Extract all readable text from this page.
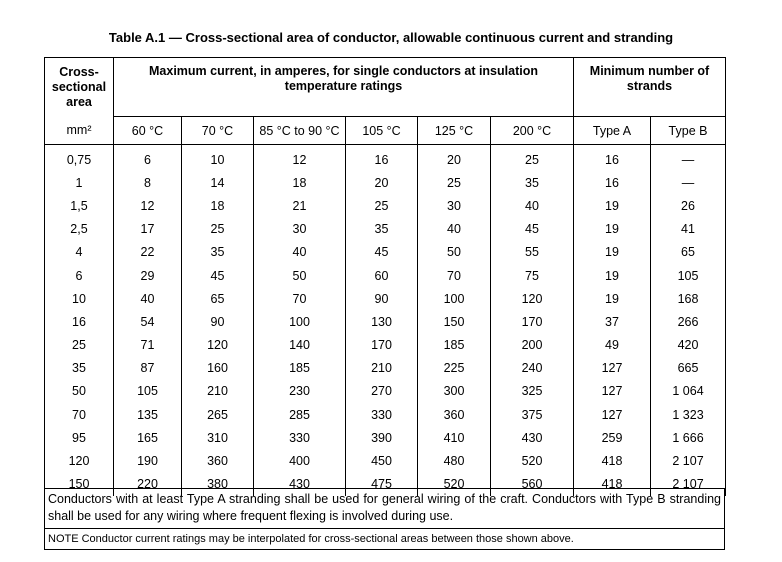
Table A.1 — Cross-sectional area of conductor, allowable continuous current and stranding
Cross-sectional area	Maximum current, in amperes, for single conductors at insulation temperature ratings						Minimum number of strands	
mm²	60 °C	70 °C	85 °C to 90 °C	105 °C	125 °C	200 °C	Type A	Type B
0,75	6	10	12	16	20	25	16	—
1	8	14	18	20	25	35	16	—
1,5	12	18	21	25	30	40	19	26
2,5	17	25	30	35	40	45	19	41
4	22	35	40	45	50	55	19	65
6	29	45	50	60	70	75	19	105
10	40	65	70	90	100	120	19	168
16	54	90	100	130	150	170	37	266
25	71	120	140	170	185	200	49	420
35	87	160	185	210	225	240	127	665
50	105	210	230	270	300	325	127	1 064
70	135	265	285	330	360	375	127	1 323
95	165	310	330	390	410	430	259	1 666
120	190	360	400	450	480	520	418	2 107
150	220	380	430	475	520	560	418	2 107
Conductors with at least Type A stranding shall be used for general wiring of the craft. Conductors with Type B stranding shall be used for any wiring where frequent flexing is involved during use.
NOTE Conductor current ratings may be interpolated for cross-sectional areas between those shown above.
